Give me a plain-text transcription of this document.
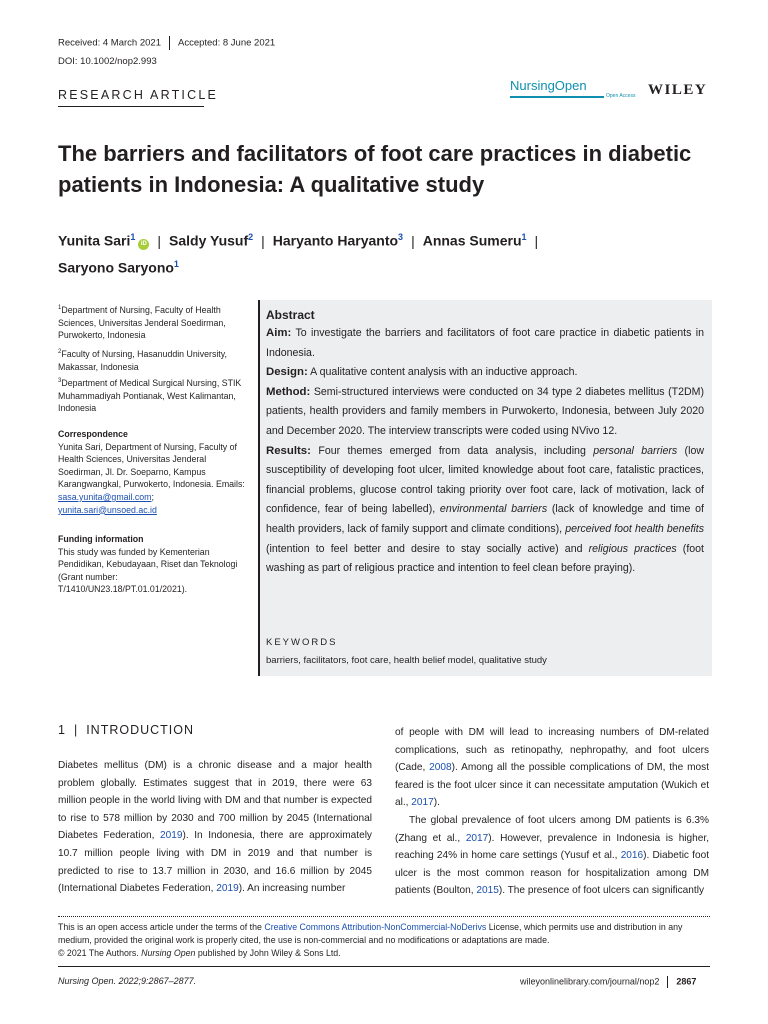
Received: 4 March 2021 Accepted: 8 June 2021
DOI: 10.1002/nop2.993
RESEARCH ARTICLE
NursingOpen
Open Access WILEY
The barriers and facilitators of foot care practices in diabetic patients in Indonesia: A qualitative study
Yunita Sari$^1$iD | Saldy Yusuf$^2$ | Haryanto Haryanto$^3$ | Annas Sumeru$^1$ |
Saryono Saryono$^1$
$^1$Department of Nursing, Faculty of Health Sciences, Universitas Jenderal Soedirman, Purwokerto, Indonesia
$^2$Faculty of Nursing, Hasanuddin University, Makassar, Indonesia
$^3$Department of Medical Surgical Nursing, STIK Muhammadiyah Pontianak, West Kalimantan, Indonesia
Correspondence
Yunita Sari, Department of Nursing, Faculty of Health Sciences, Universitas Jenderal Soedirman, Jl. Dr. Soeparno, Kampus Karangwangkal, Purwokerto, Indonesia. Emails: sasa.yunita@gmail.com; yunita.sari@unsoed.ac.id
Funding information
This study was funded by Kementerian Pendidikan, Kebudayaan, Riset dan Teknologi (Grant number: T/1410/UN23.18/PT.01.01/2021).
Abstract
Aim: To investigate the barriers and facilitators of foot care practice in diabetic patients in Indonesia.
Design: A qualitative content analysis with an inductive approach.
Method: Semi-structured interviews were conducted on 34 type 2 diabetes mellitus (T2DM) patients, health providers and family members in Purwokerto, Indonesia, between July 2020 and December 2020. The interview transcripts were coded using NVivo 12.
Results: Four themes emerged from data analysis, including personal barriers (low susceptibility of developing foot ulcer, limited knowledge about foot care, fatalistic practices, financial problems, glucose control taking priority over foot care, lack of motivation, lack of confidence, fear of being labelled), environmental barriers (lack of knowledge and time of health providers, lack of family support and climate conditions), perceived foot health benefits (intention to feel better and desire to stay socially active) and religious practices (foot washing as part of religious practice and intention to feel clean before praying).
KEYWORDS
barriers, facilitators, foot care, health belief model, qualitative study
1 | INTRODUCTION
Diabetes mellitus (DM) is a chronic disease and a major health problem globally. Estimates suggest that in 2019, there were 63 million people in the world living with DM and that number is expected to rise to 578 million by 2030 and 700 million by 2045 (International Diabetes Federation, 2019). In Indonesia, there are approximately 10.7 million people living with DM in 2019 and that number is predicted to rise to 13.7 million in 2030, and 16.6 million by 2045 (International Diabetes Federation, 2019). An increasing number
of people with DM will lead to increasing numbers of DM-related complications, such as retinopathy, nephropathy, and foot ulcers (Cade, 2008). Among all the possible complications of DM, the most feared is the foot ulcer since it can necessitate amputation (Wukich et al., 2017).

The global prevalence of foot ulcers among DM patients is 6.3% (Zhang et al., 2017). However, prevalence in Indonesia is higher, reaching 24% in home care settings (Yusuf et al., 2016). Diabetic foot ulcer is the most common reason for hospitalization among DM patients (Boulton, 2015). The presence of foot ulcers can significantly

This is an open access article under the terms of the Creative Commons Attribution-NonCommercial-NoDerivs License, which permits use and distribution in any medium, provided the original work is properly cited, the use is non-commercial and no modifications or adaptations are made.
© 2021 The Authors. Nursing Open published by John Wiley & Sons Ltd.
Nursing Open. 2022;9:2867–2877.	wileyonlinelibrary.com/journal/nop2 2867
